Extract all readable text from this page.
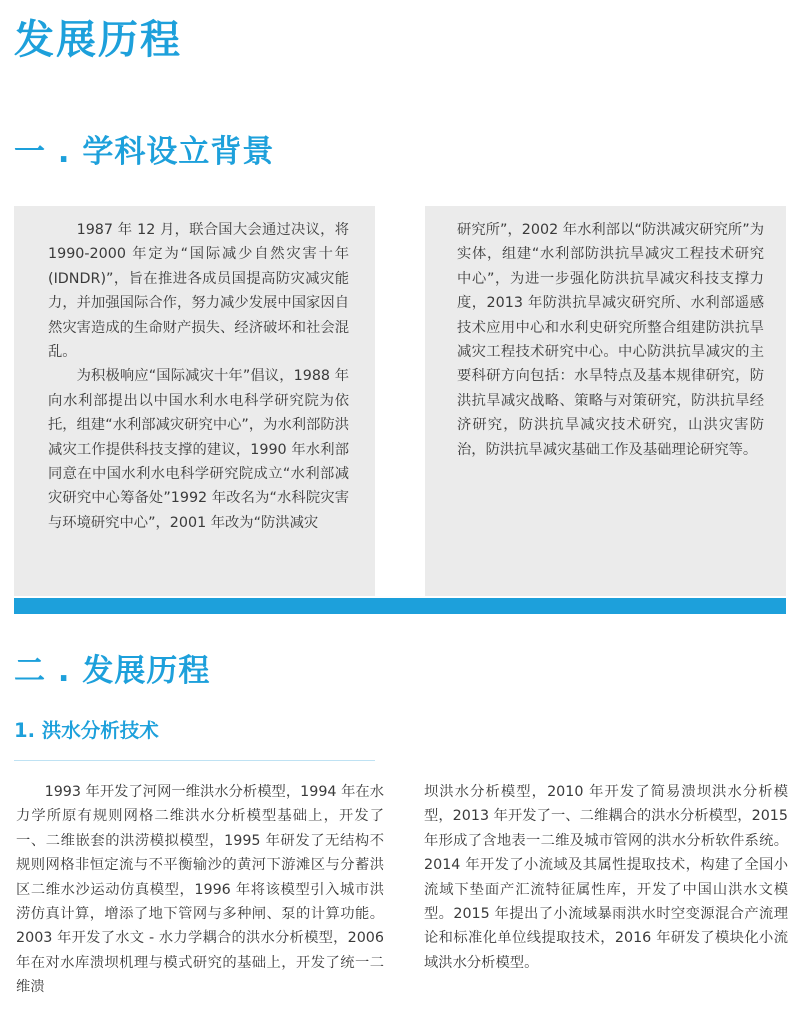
发展历程
一 . 学科设立背景

1987 年 12 月，联合国大会通过决议，将 1990-2000 年定为“国际减少自然灾害十年 (IDNDR)”，旨在推进各成员国提高防灾减灾能力，并加强国际合作，努力减少发展中国家因自然灾害造成的生命财产损失、经济破坏和社会混乱。

为积极响应“国际减灾十年”倡议，1988 年向水利部提出以中国水利水电科学研究院为依托，组建“水利部减灾研究中心”，为水利部防洪减灾工作提供科技支撑的建议，1990 年水利部同意在中国水利水电科学研究院成立“水利部减灾研究中心筹备处”1992 年改名为“水科院灾害与环境研究中心”，2001 年改为“防洪减灾

研究所”，2002 年水利部以“防洪减灾研究所”为实体，组建“水利部防洪抗旱减灾工程技术研究中心”，为进一步强化防洪抗旱减灾科技支撑力度，2013 年防洪抗旱减灾研究所、水利部遥感技术应用中心和水利史研究所整合组建防洪抗旱减灾工程技术研究中心。中心防洪抗旱减灾的主要科研方向包括：水旱特点及基本规律研究，防洪抗旱减灾战略、策略与对策研究，防洪抗旱经济研究，防洪抗旱减灾技术研究，山洪灾害防治，防洪抗旱减灾基础工作及基础理论研究等。

二 . 发展历程
1. 洪水分析技术

1993 年开发了河网一维洪水分析模型，1994 年在水力学所原有规则网格二维洪水分析模型基础上，开发了一、二维嵌套的洪涝模拟模型，1995 年研发了无结构不规则网格非恒定流与不平衡输沙的黄河下游滩区与分蓄洪区二维水沙运动仿真模型，1996 年将该模型引入城市洪涝仿真计算，增添了地下管网与多种闸、泵的计算功能。2003 年开发了水文 - 水力学耦合的洪水分析模型，2006 年在对水库溃坝机理与模式研究的基础上，开发了统一二维溃

坝洪水分析模型，2010 年开发了简易溃坝洪水分析模型，2013 年开发了一、二维耦合的洪水分析模型，2015 年形成了含地表一二维及城市管网的洪水分析软件系统。2014 年开发了小流域及其属性提取技术，构建了全国小流域下垫面产汇流特征属性库，开发了中国山洪水文模型。2015 年提出了小流域暴雨洪水时空变源混合产流理论和标准化单位线提取技术，2016 年研发了模块化小流域洪水分析模型。
